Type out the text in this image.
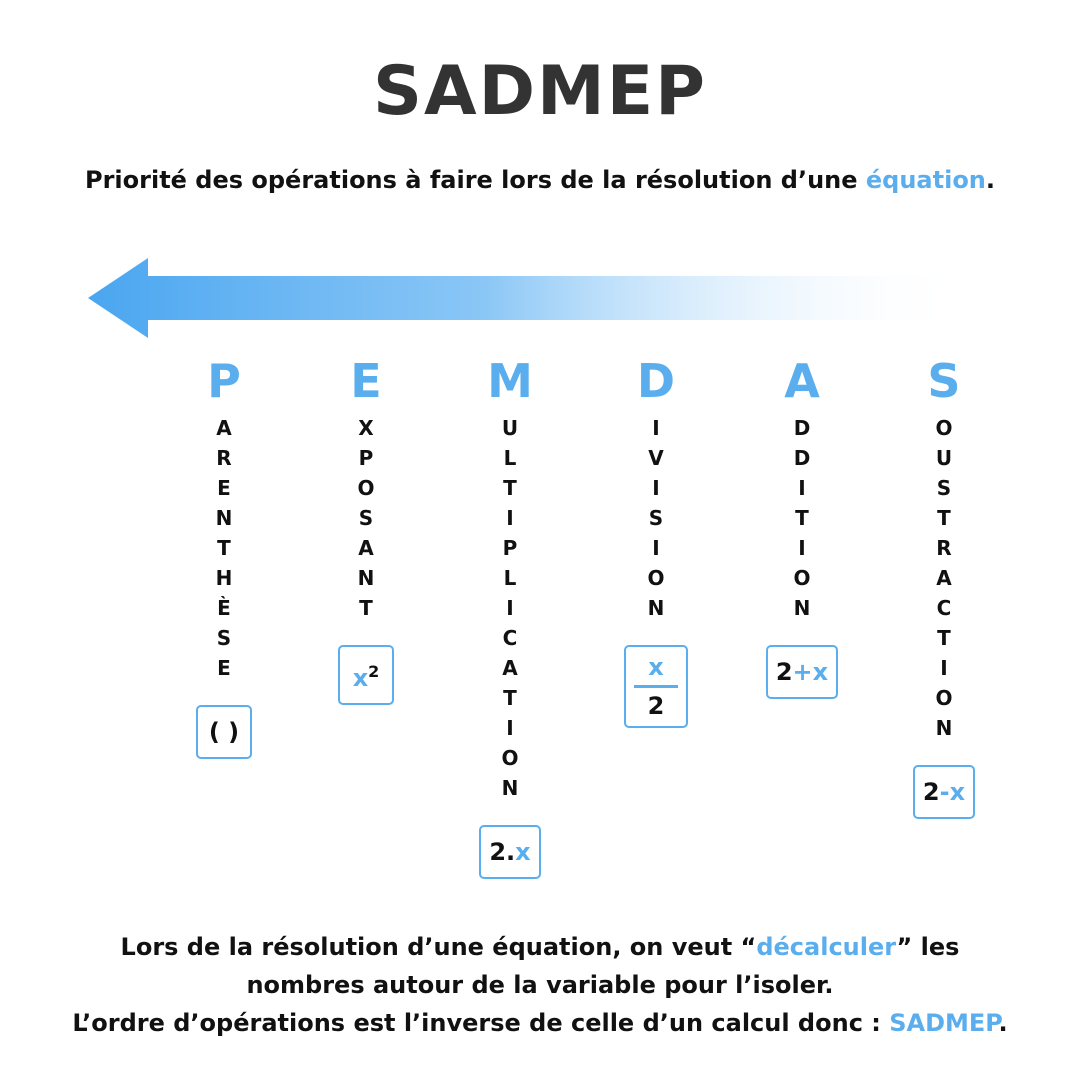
SADMEP
Priorité des opérations à faire lors de la résolution d’une équation.
P
A
R
E
N
T
H
È
S
E
( )
E
X
P
O
S
A
N
T
$x^2$
M
U
L
T
I
P
L
I
C
A
T
I
O
N
2.x
D
I
V
I
S
I
O
N
$\frac{x}{2}$
A
D
D
I
T
I
O
N
2+x
S
O
U
S
T
R
A
C
T
I
O
N
2-x
Lors de la résolution d’une équation, on veut “décalculer” les
nombres autour de la variable pour l’isoler.
L’ordre d’opérations est l’inverse de celle d’un calcul donc : SADMEP.
